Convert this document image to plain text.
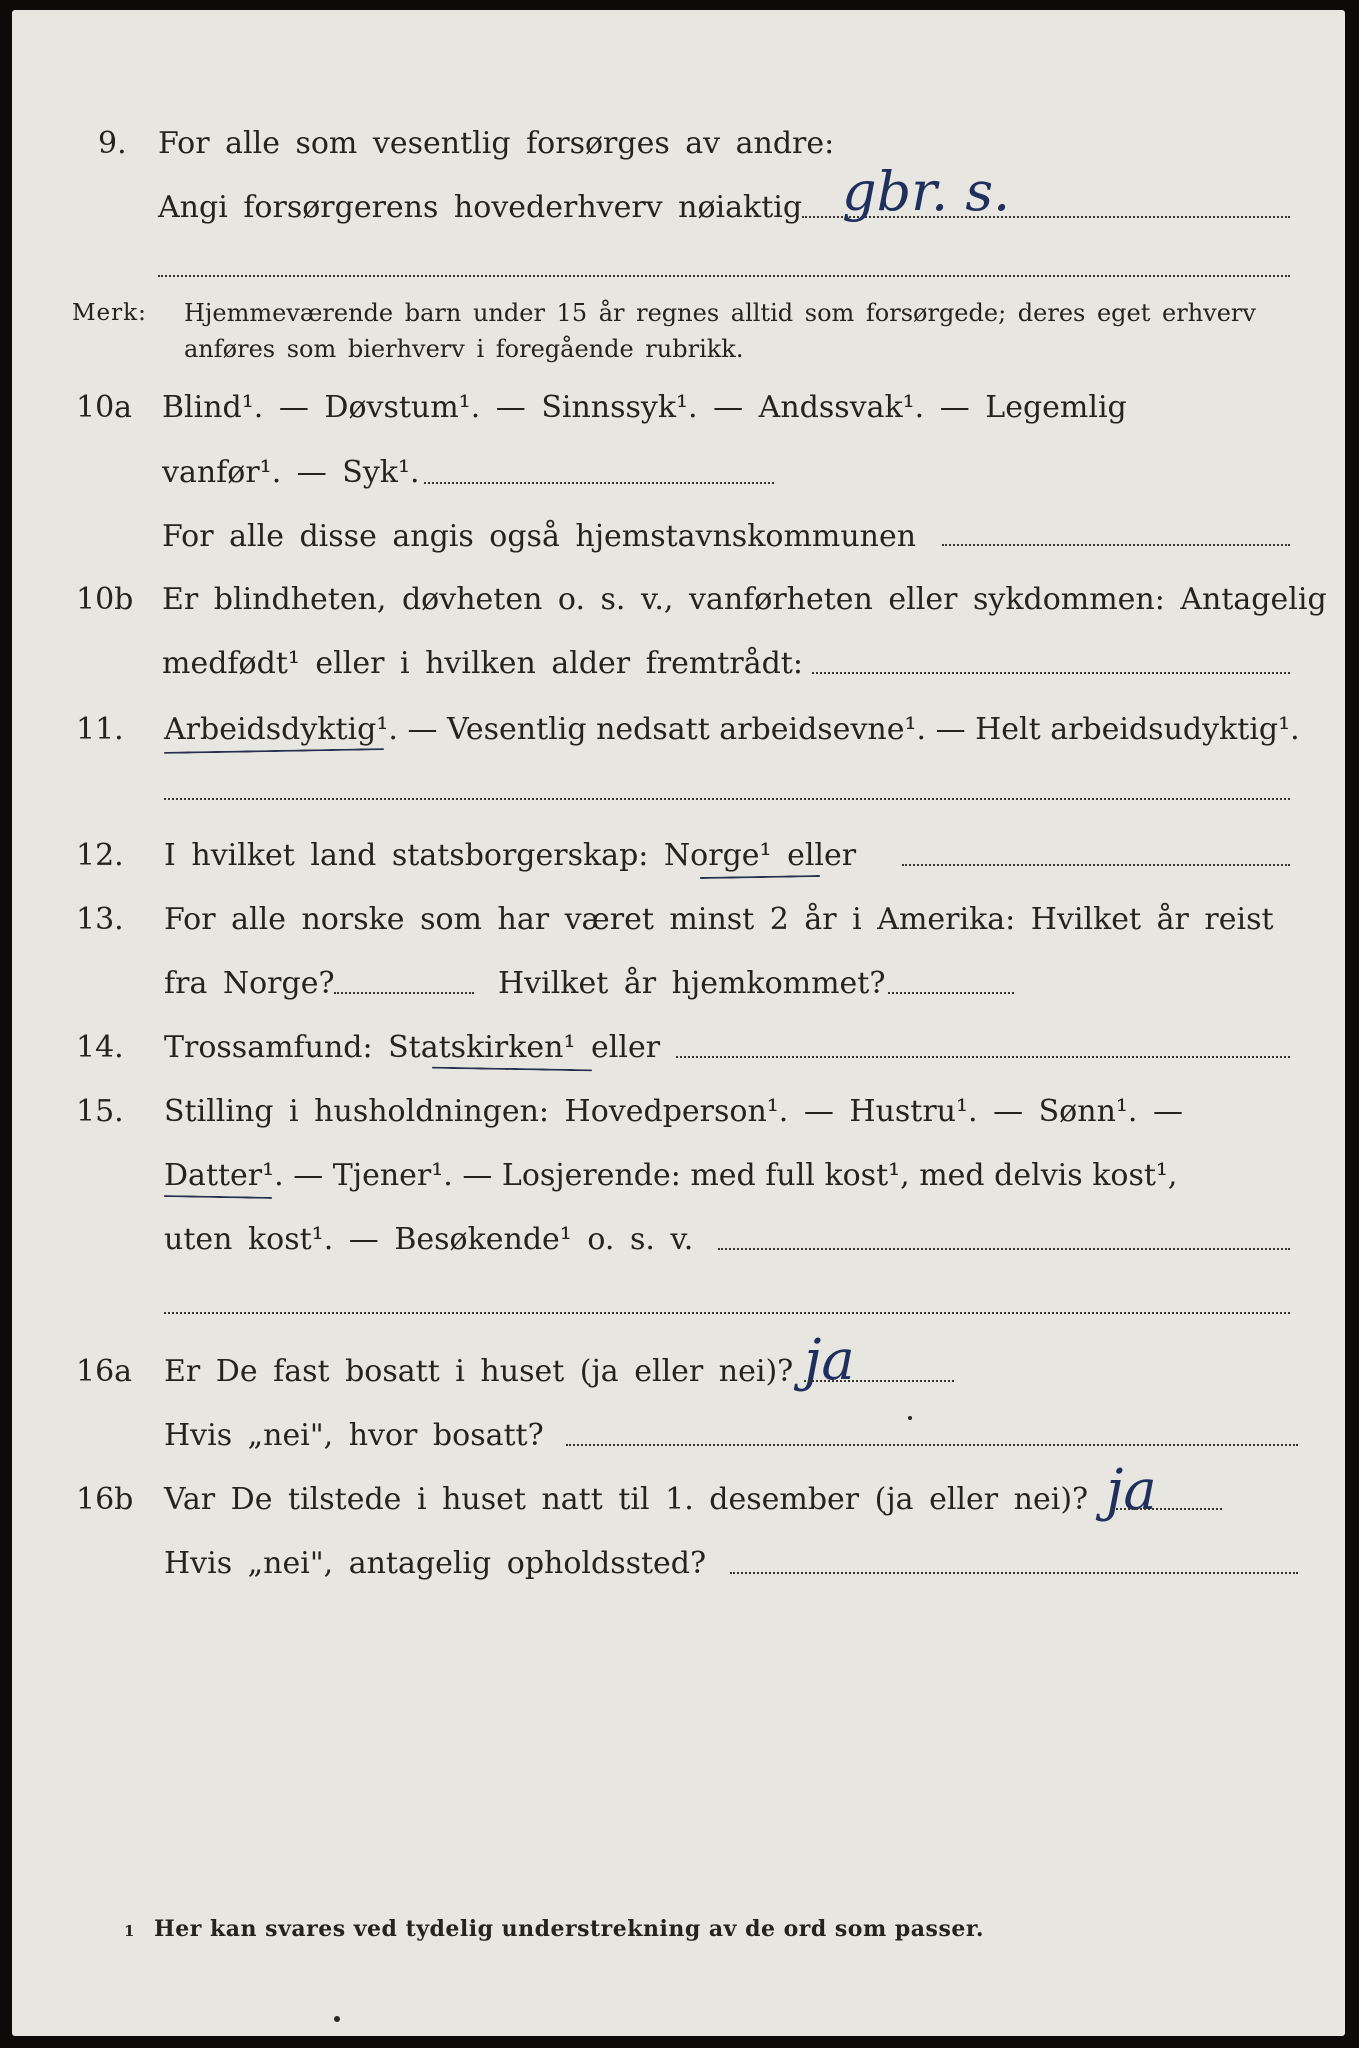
9. For alle som vesentlig forsørges av andre:
Angi forsørgerens hovederhverv nøiaktig gbr. s.
Merk: Hjemmeværende barn under 15 år regnes alltid som forsørgede; deres eget erhverv
anføres som bierhverv i foregående rubrikk.
10a Blind¹. — Døvstum¹. — Sinnssyk¹. — Andssvak¹. — Legemlig
vanfør¹. — Syk¹.
For alle disse angis også hjemstavnskommunen
10b Er blindheten, døvheten o. s. v., vanførheten eller sykdommen: Antagelig
medfødt¹ eller i hvilken alder fremtrådt:
11. Arbeidsdyktig¹. — Vesentlig nedsatt arbeidsevne¹. — Helt arbeidsudyktig¹.
12. I hvilket land statsborgerskap: Norge¹ eller
13. For alle norske som har været minst 2 år i Amerika: Hvilket år reist
fra Norge?	Hvilket år hjemkommet?
14. Trossamfund: Statskirken¹ eller
15. Stilling i husholdningen: Hovedperson¹. — Hustru¹. — Sønn¹. —
Datter¹. — Tjener¹. — Losjerende: med full kost¹, med delvis kost¹,
uten kost¹. — Besøkende¹ o. s. v.
16a Er De fast bosatt i huset (ja eller nei)? ja
Hvis „nei", hvor bosatt?
16b Var De tilstede i huset natt til 1. desember (ja eller nei)? ja
Hvis „nei", antagelig opholdssted?
1 Her kan svares ved tydelig understrekning av de ord som passer.
